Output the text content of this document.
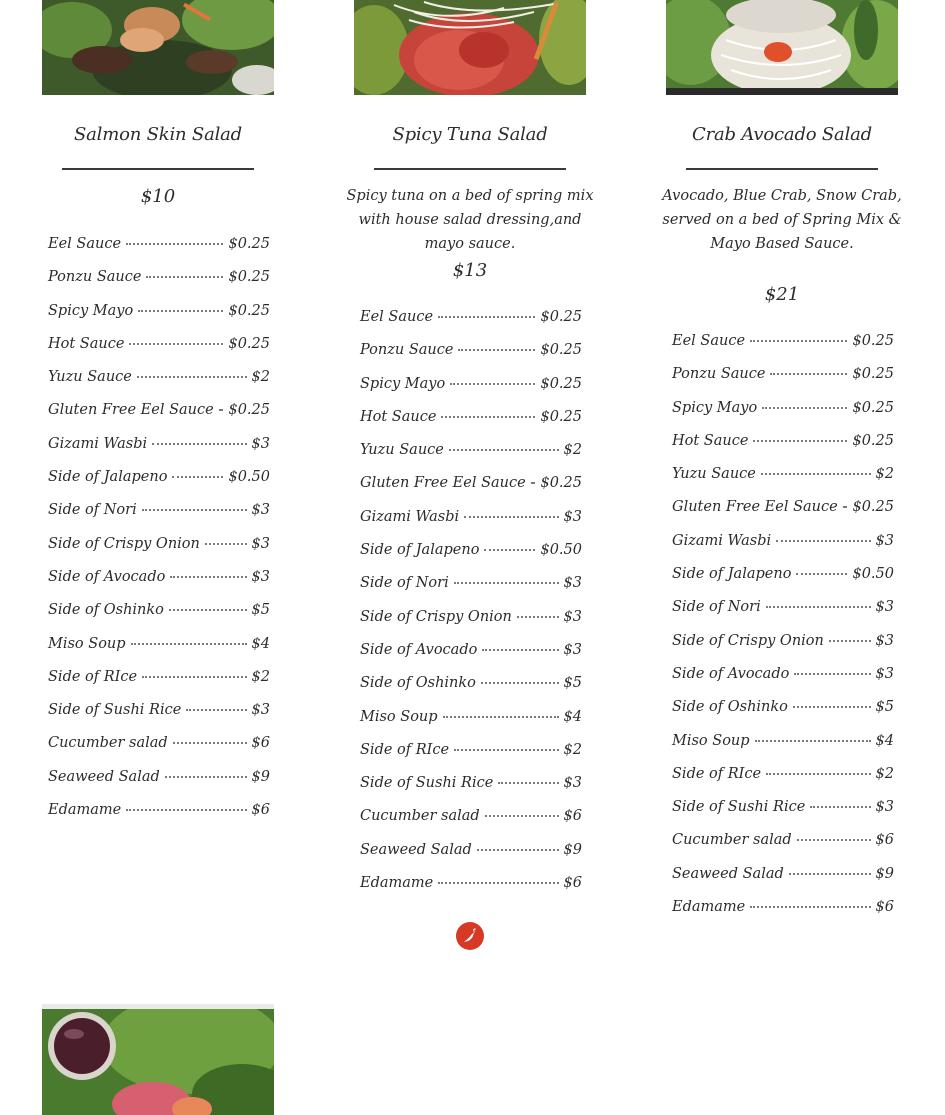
Salmon Skin Salad
$10
Eel Sauce	$0.25
Ponzu Sauce	$0.25
Spicy Mayo	$0.25
Hot Sauce	$0.25
Yuzu Sauce	$2
Gluten Free Eel Sauce $0.25
Gizami Wasbi	$3
Side of Jalapeno	$0.50
Side of Nori	$3
Side of Crispy Onion	$3
Side of Avocado	$3
Side of Oshinko	$5
Miso Soup	$4
Side of RIce	$2
Side of Sushi Rice	$3
Cucumber salad	$6
Seaweed Salad	$9
Edamame	$6
Spicy Tuna Salad
Spicy tuna on a bed of spring mix with house salad dressing,and mayo sauce.
$13
Eel Sauce	$0.25
Ponzu Sauce	$0.25
Spicy Mayo	$0.25
Hot Sauce	$0.25
Yuzu Sauce	$2
Gluten Free Eel Sauce $0.25
Gizami Wasbi	$3
Side of Jalapeno	$0.50
Side of Nori	$3
Side of Crispy Onion	$3
Side of Avocado	$3
Side of Oshinko	$5
Miso Soup	$4
Side of RIce	$2
Side of Sushi Rice	$3
Cucumber salad	$6
Seaweed Salad	$9
Edamame	$6
Crab Avocado Salad
Avocado, Blue Crab, Snow Crab, served on a bed of Spring Mix & Mayo Based Sauce.
$21
Eel Sauce	$0.25
Ponzu Sauce	$0.25
Spicy Mayo	$0.25
Hot Sauce	$0.25
Yuzu Sauce	$2
Gluten Free Eel Sauce $0.25
Gizami Wasbi	$3
Side of Jalapeno	$0.50
Side of Nori	$3
Side of Crispy Onion	$3
Side of Avocado	$3
Side of Oshinko	$5
Miso Soup	$4
Side of RIce	$2
Side of Sushi Rice	$3
Cucumber salad	$6
Seaweed Salad	$9
Edamame	$6
